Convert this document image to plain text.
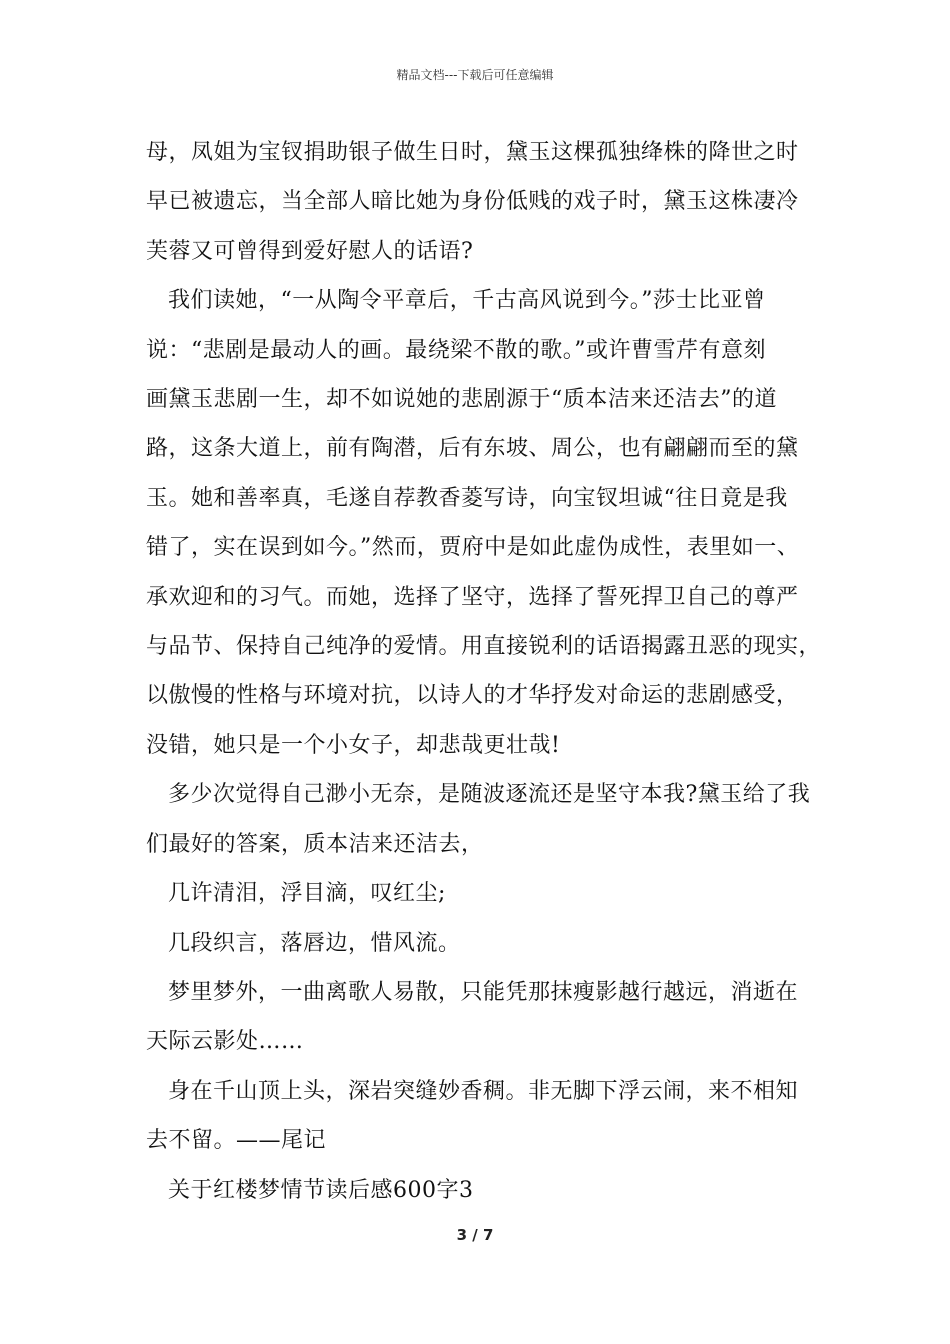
精品文档---下载后可任意编辑

母，凤姐为宝钗捐助银子做生日时，黛玉这棵孤独绛株的降世之时

早已被遗忘，当全部人暗比她为身份低贱的戏子时，黛玉这株凄冷

芙蓉又可曾得到爱好慰人的话语?

我们读她，“一从陶令平章后，千古高风说到今。”莎士比亚曾

说：“悲剧是最动人的画。最绕梁不散的歌。”或许曹雪芹有意刻

画黛玉悲剧一生，却不如说她的悲剧源于“质本洁来还洁去”的道

路，这条大道上，前有陶潜，后有东坡、周公，也有翩翩而至的黛

玉。她和善率真，毛遂自荐教香菱写诗，向宝钗坦诚“往日竟是我

错了，实在误到如今。”然而，贾府中是如此虚伪成性，表里如一、

承欢迎和的习气。而她，选择了坚守，选择了誓死捍卫自己的尊严

与品节、保持自己纯净的爱情。用直接锐利的话语揭露丑恶的现实，

以傲慢的性格与环境对抗，以诗人的才华抒发对命运的悲剧感受，

没错，她只是一个小女子，却悲哉更壮哉!

多少次觉得自己渺小无奈，是随波逐流还是坚守本我?黛玉给了我

们最好的答案，质本洁来还洁去，

几许清泪，浮目滴，叹红尘;

几段织言，落唇边，惜风流。

梦里梦外，一曲离歌人易散，只能凭那抹瘦影越行越远，消逝在

天际云影处……

身在千山顶上头，深岩突缝妙香稠。非无脚下浮云闹，来不相知

去不留。——尾记

关于红楼梦情节读后感600字3

3 / 7
